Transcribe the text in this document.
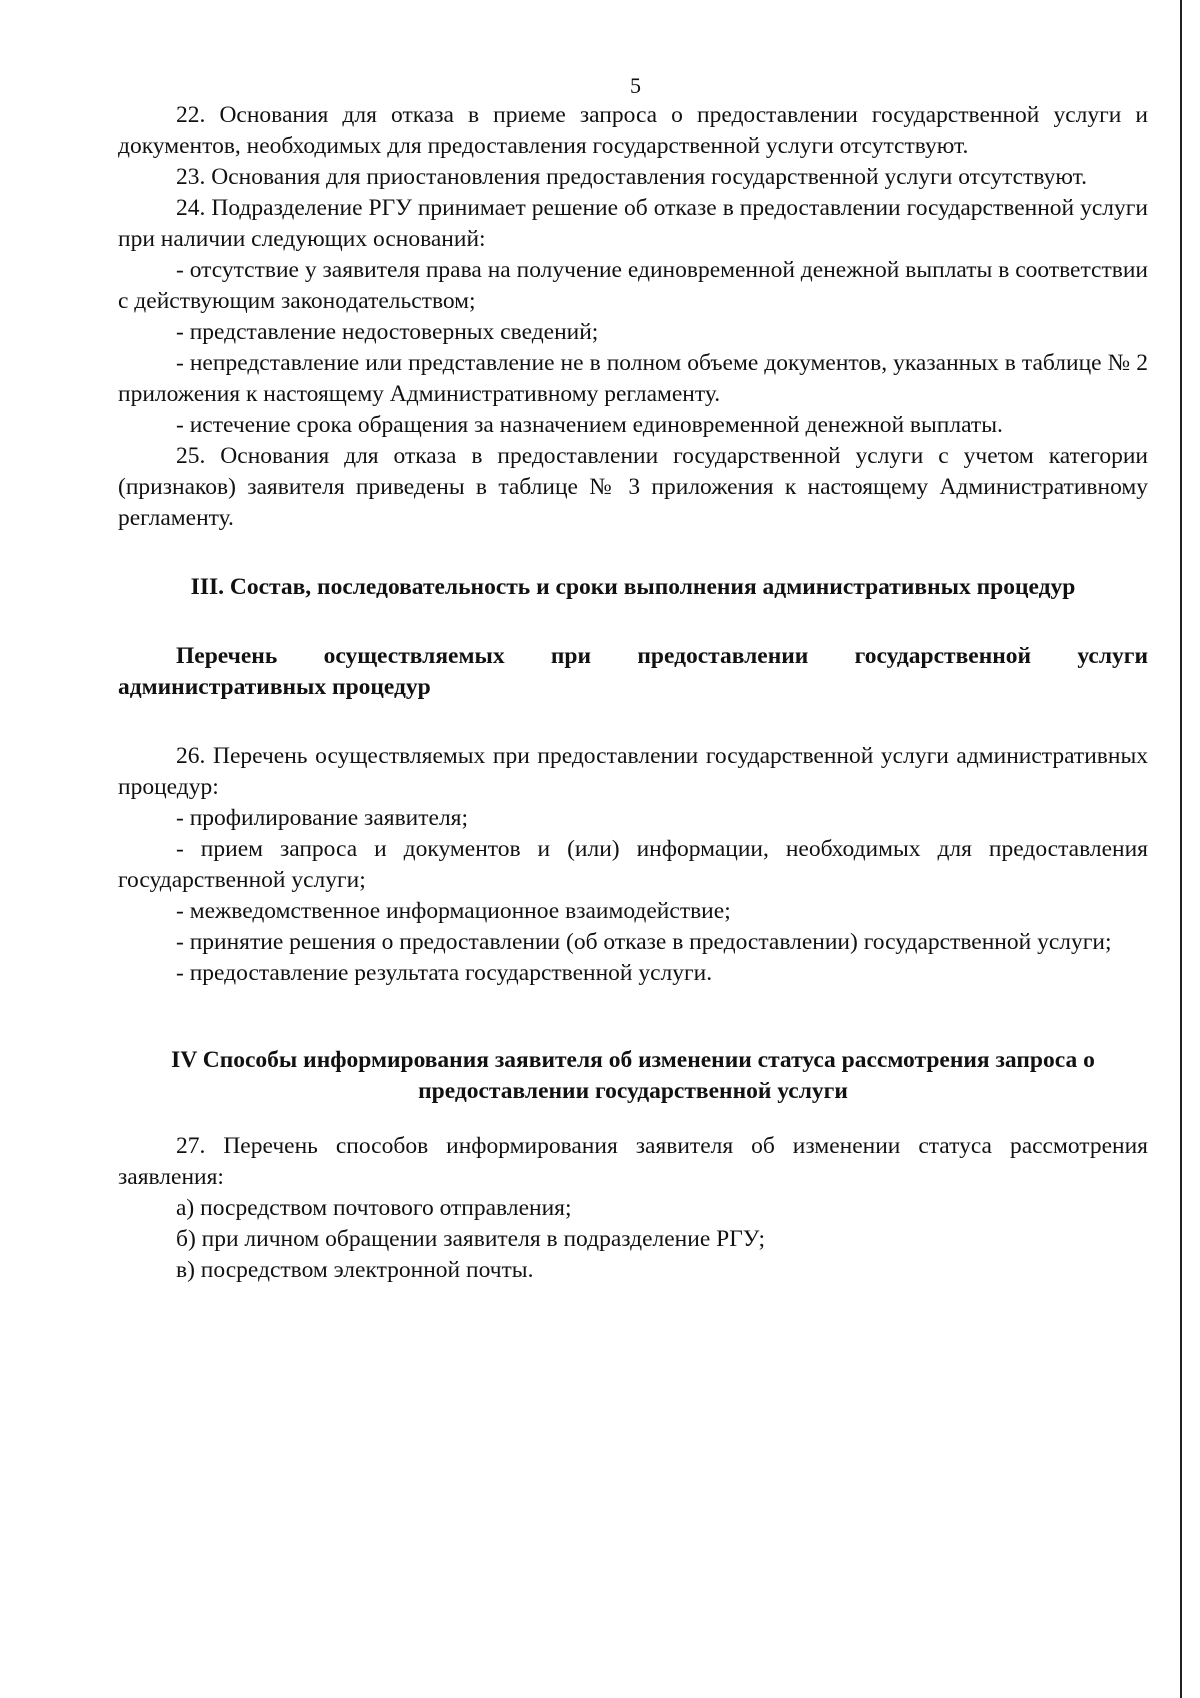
5

22. Основания для отказа в приеме запроса о предоставлении государственной услуги и документов, необходимых для предоставления государственной услуги отсутствуют.

23. Основания для приостановления предоставления государственной услуги отсутствуют.

24. Подразделение РГУ принимает решение об отказе в предоставлении государственной услуги при наличии следующих оснований:

- отсутствие у заявителя права на получение единовременной денежной выплаты в соответствии с действующим законодательством;

- представление недостоверных сведений;

- непредставление или представление не в полном объеме документов, указанных в таблице № 2 приложения к настоящему Административному регламенту.

- истечение срока обращения за назначением единовременной денежной выплаты.

25. Основания для отказа в предоставлении государственной услуги с учетом категории (признаков) заявителя приведены в таблице № 3 приложения к настоящему Административному регламенту.

III. Состав, последовательность и сроки выполнения административных процедур

Перечень осуществляемых при предоставлении государственной услуги административных процедур

26. Перечень осуществляемых при предоставлении государственной услуги административных процедур:

- профилирование заявителя;

- прием запроса и документов и (или) информации, необходимых для предоставления государственной услуги;

- межведомственное информационное взаимодействие;

- принятие решения о предоставлении (об отказе в предоставлении) государственной услуги;

- предоставление результата государственной услуги.

IV Способы информирования заявителя об изменении статуса рассмотрения запроса о предоставлении государственной услуги

27. Перечень способов информирования заявителя об изменении статуса рассмотрения заявления:

а) посредством почтового отправления;

б) при личном обращении заявителя в подразделение РГУ;

в) посредством электронной почты.
